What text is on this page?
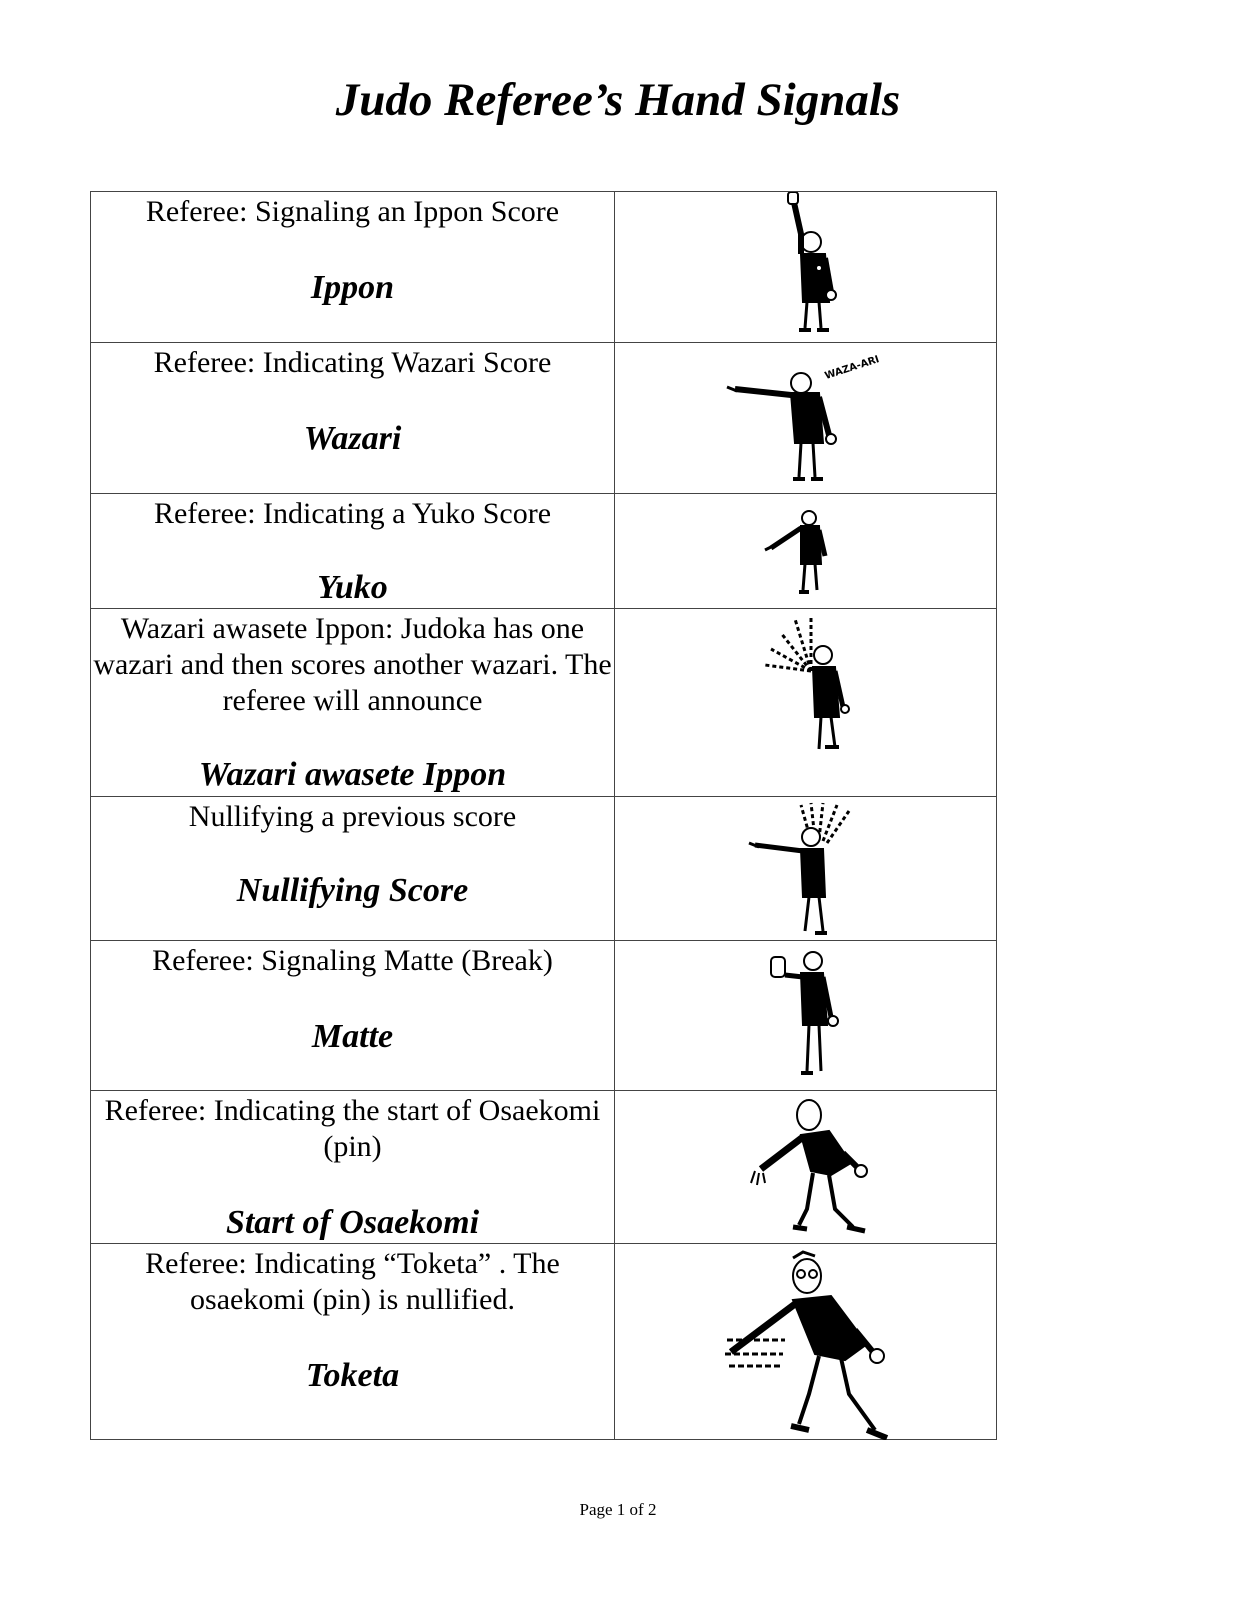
Judo Referee’s Hand Signals
Referee: Signaling an Ippon Score
Ippon

Referee: Indicating Wazari Score
Wazari	WAZA-ARI

Referee: Indicating a Yuko Score
Yuko

Wazari awasete Ippon: Judoka has one wazari and then scores another wazari. The referee will announce
Wazari awasete Ippon

Nullifying a previous score
Nullifying Score

Referee: Signaling Matte (Break)
Matte

Referee: Indicating the start of Osaekomi (pin)
Start of Osaekomi

Referee: Indicating “Toketa” . The osaekomi (pin) is nullified.
Toketa

Page 1 of 2
